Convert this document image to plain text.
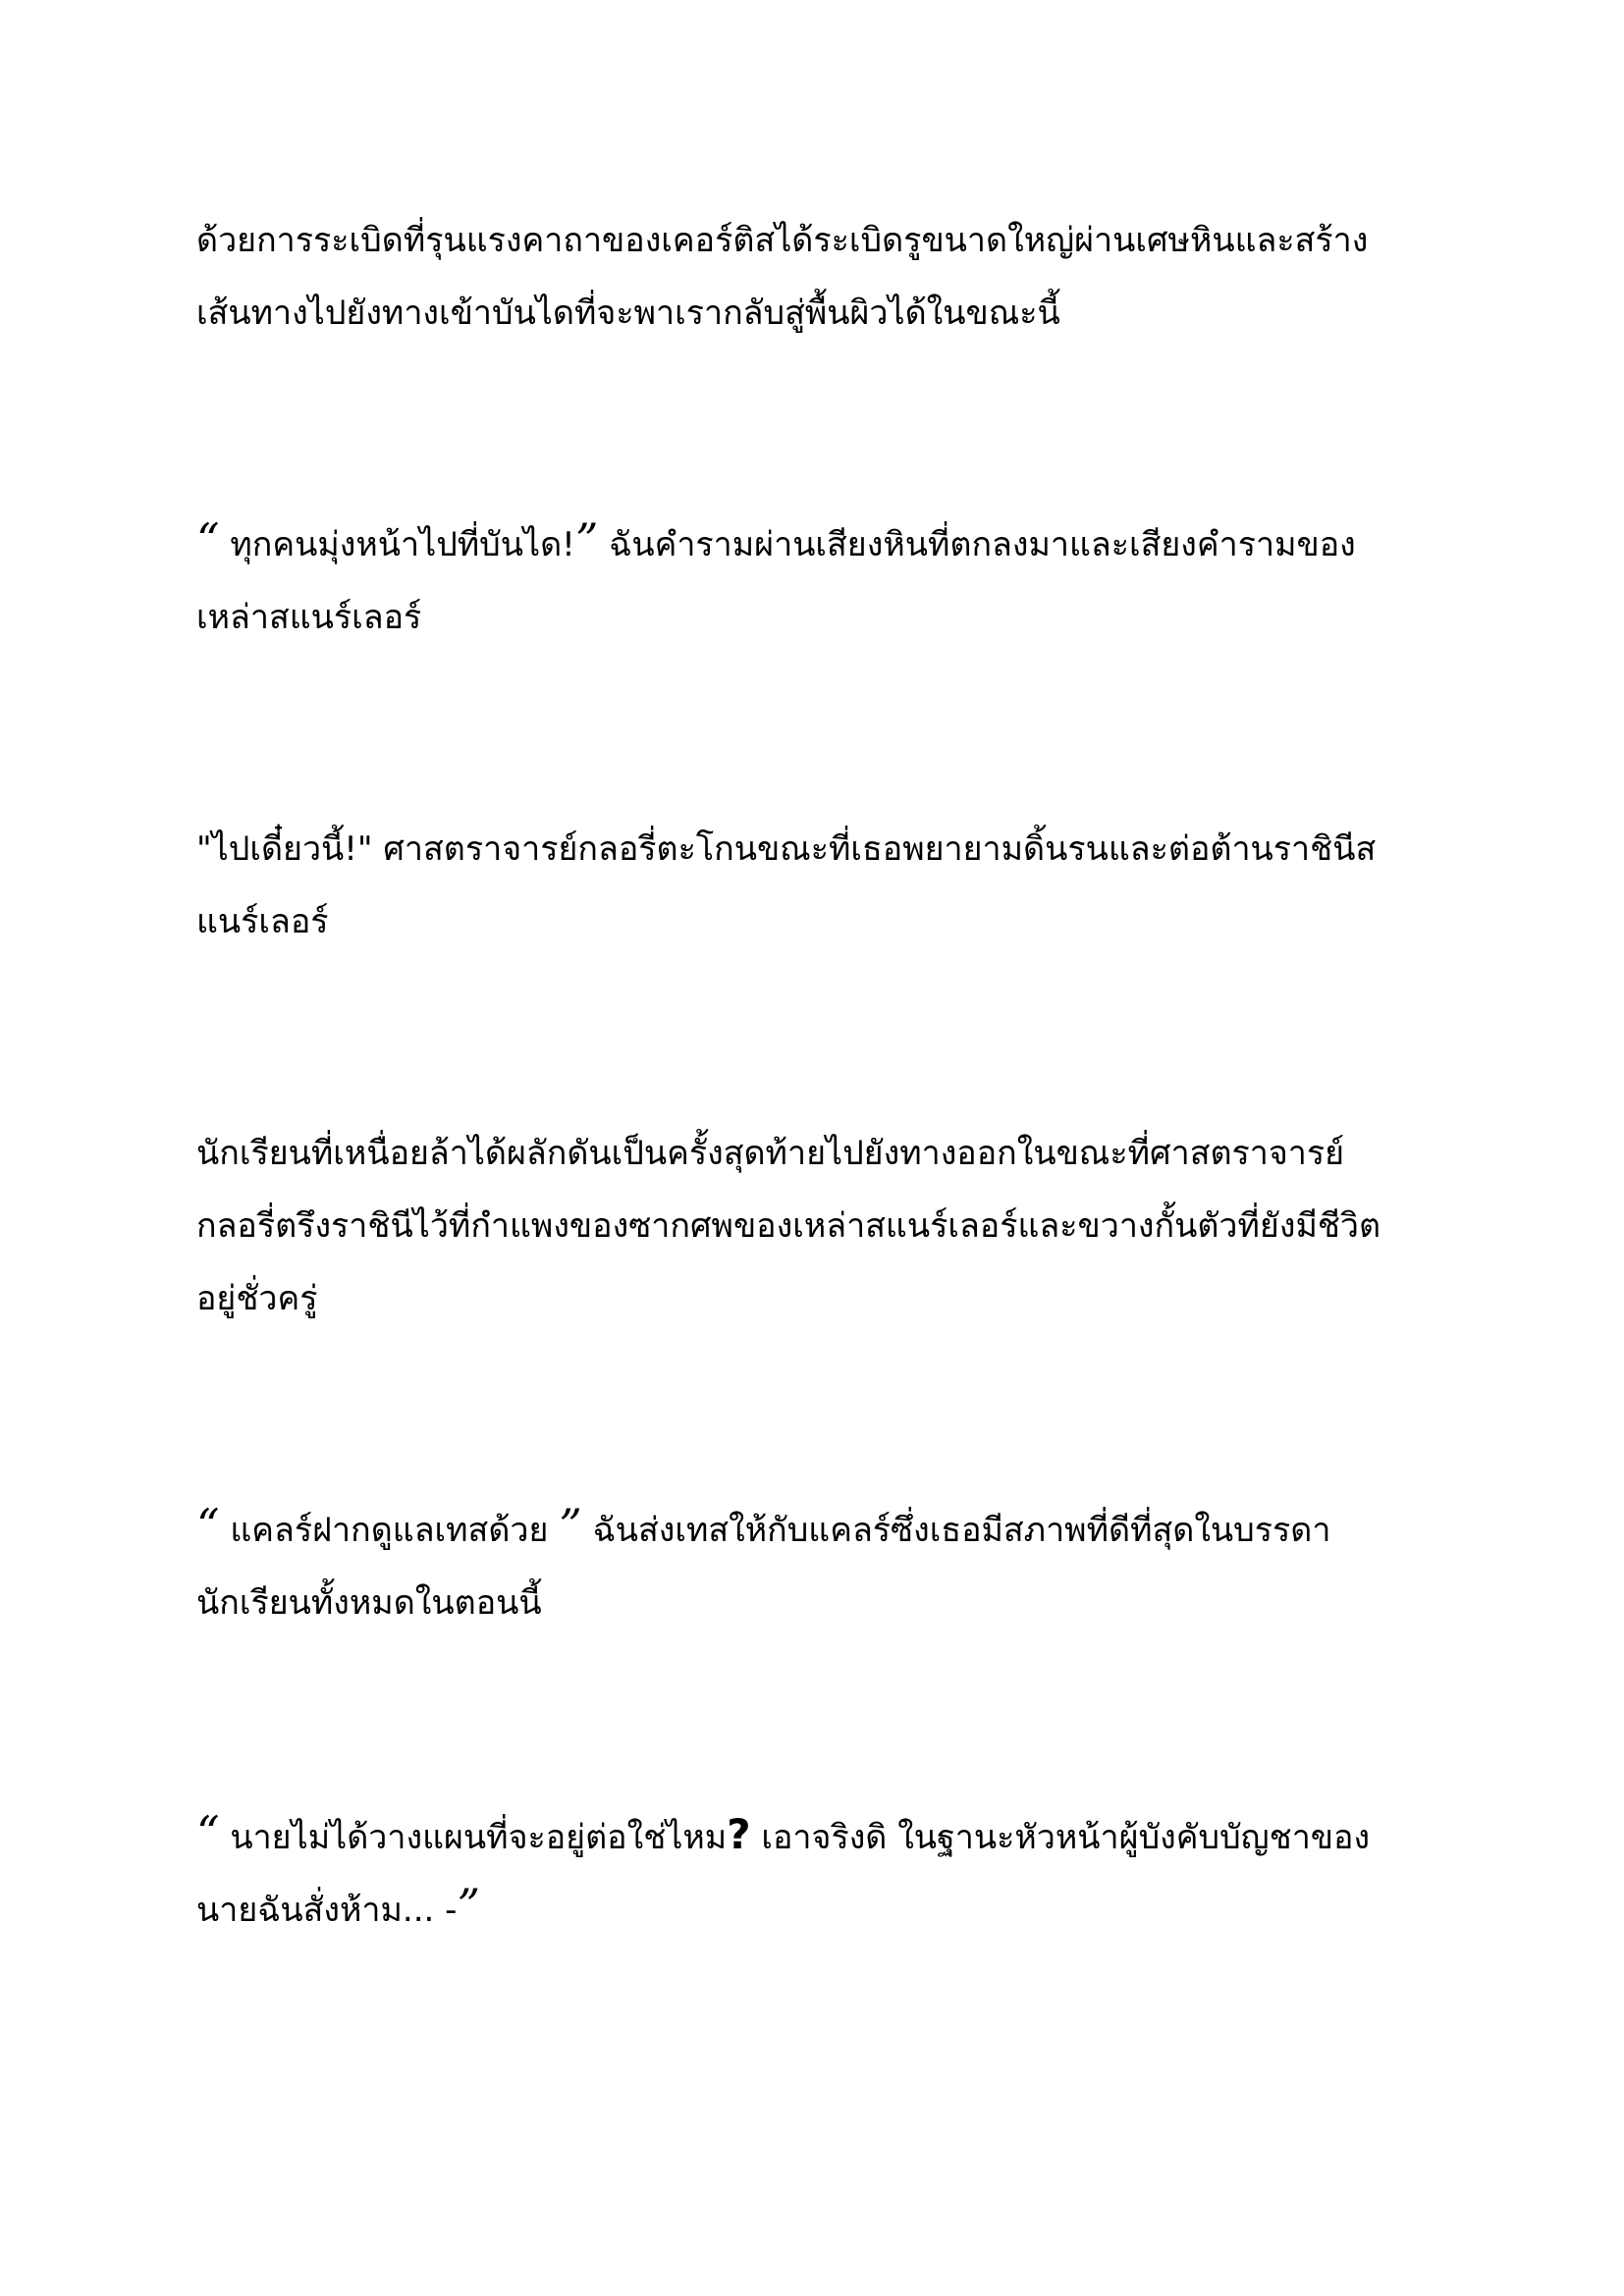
ด้วยการระเบิดที่รุนแรงคาถาของเคอร์ติสได้ระเบิดรูขนาดใหญ่ผ่านเศษหินและสร้าง
เส้นทางไปยังทางเข้าบันไดที่จะพาเรากลับสู่พื้นผิวได้ในขณะนี้

“ ทุกคนมุ่งหน้าไปที่บันได!” ฉันคำรามผ่านเสียงหินที่ตกลงมาและเสียงคำรามของ
เหล่าสแนร์เลอร์

"ไปเดี๋ยวนี้!" ศาสตราจารย์กลอรี่ตะโกนขณะที่เธอพยายามดิ้นรนและต่อต้านราชินีส
แนร์เลอร์

นักเรียนที่เหนื่อยล้าได้ผลักดันเป็นครั้งสุดท้ายไปยังทางออกในขณะที่ศาสตราจารย์
กลอรี่ตรึงราชินีไว้ที่กำแพงของซากศพของเหล่าสแนร์เลอร์และขวางกั้นตัวที่ยังมีชีวิต
อยู่ชั่วครู่

“ แคลร์ฝากดูแลเทสด้วย ” ฉันส่งเทสให้กับแคลร์ซึ่งเธอมีสภาพที่ดีที่สุดในบรรดา
นักเรียนทั้งหมดในตอนนี้

“ นายไม่ได้วางแผนที่จะอยู่ต่อใช่ไหม? เอาจริงดิ ในฐานะหัวหน้าผู้บังคับบัญชาของ
นายฉันสั่งห้าม... -”
